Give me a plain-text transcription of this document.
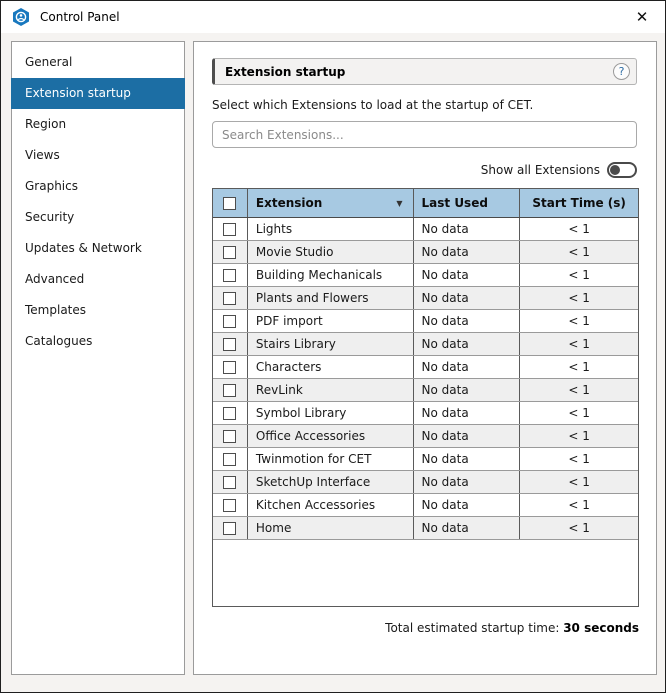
Control Panel	✕
General
Extension startup
Region
Views
Graphics
Security
Updates & Network
Advanced
Templates
Catalogues
Extension startup	?
Select which Extensions to load at the startup of CET.
Search Extensions...
Show all Extensions
Extension	▼	Last Used	Start Time (s)
Lights	No data	< 1
Movie Studio	No data	< 1
Building Mechanicals	No data	< 1
Plants and Flowers	No data	< 1
PDF import	No data	< 1
Stairs Library	No data	< 1
Characters	No data	< 1
RevLink	No data	< 1
Symbol Library	No data	< 1
Office Accessories	No data	< 1
Twinmotion for CET	No data	< 1
SketchUp Interface	No data	< 1
Kitchen Accessories	No data	< 1
Home	No data	< 1
Total estimated startup time: 30 seconds
